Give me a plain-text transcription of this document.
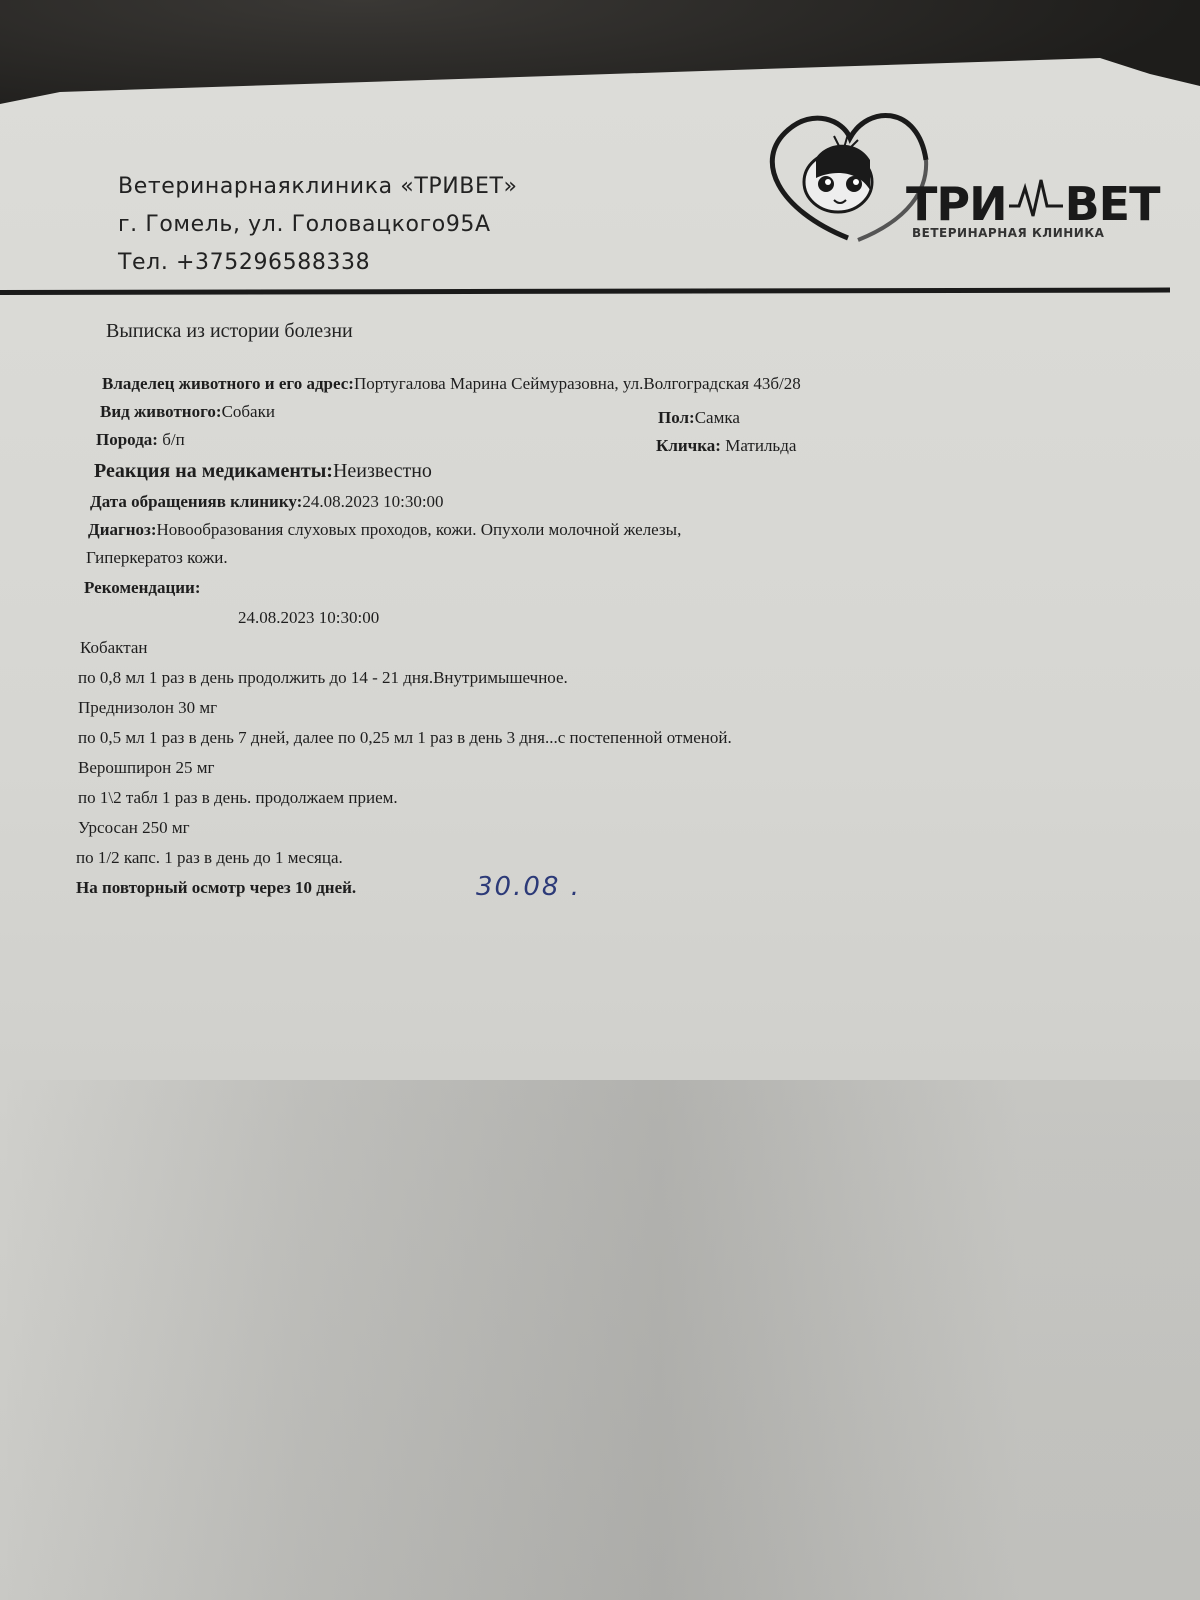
Ветеринарнаяклиника «ТРИВЕТ»
г. Гомель, ул. Головацкого95А
Тел. +375296588338
ТРИ ВЕТ
ВЕТЕРИНАРНАЯ КЛИНИКА
Выписка из истории болезни
Владелец животного и его адрес:Португалова Марина Сеймуразовна, ул.Волгоградская 43б/28
Вид животного:Собаки	Пол:Самка
Порода: б/п	Кличка: Матильда
Реакция на медикаменты:Неизвестно
Дата обращенияв клинику:24.08.2023 10:30:00
Диагноз:Новообразования слуховых проходов, кожи. Опухоли молочной железы,
Гиперкератоз кожи.
Рекомендации:
24.08.2023 10:30:00
Кобактан
по 0,8 мл 1 раз в день продолжить до 14 - 21 дня.Внутримышечное.
Преднизолон 30 мг
по 0,5 мл 1 раз в день 7 дней, далее по 0,25 мл 1 раз в день 3 дня...с постепенной отменой.
Верошпирон 25 мг
по 1\2 табл 1 раз в день. продолжаем прием.
Урсосан 250 мг
по 1/2 капс. 1 раз в день до 1 месяца.
На повторный осмотр через 10 дней.	30.08 .
